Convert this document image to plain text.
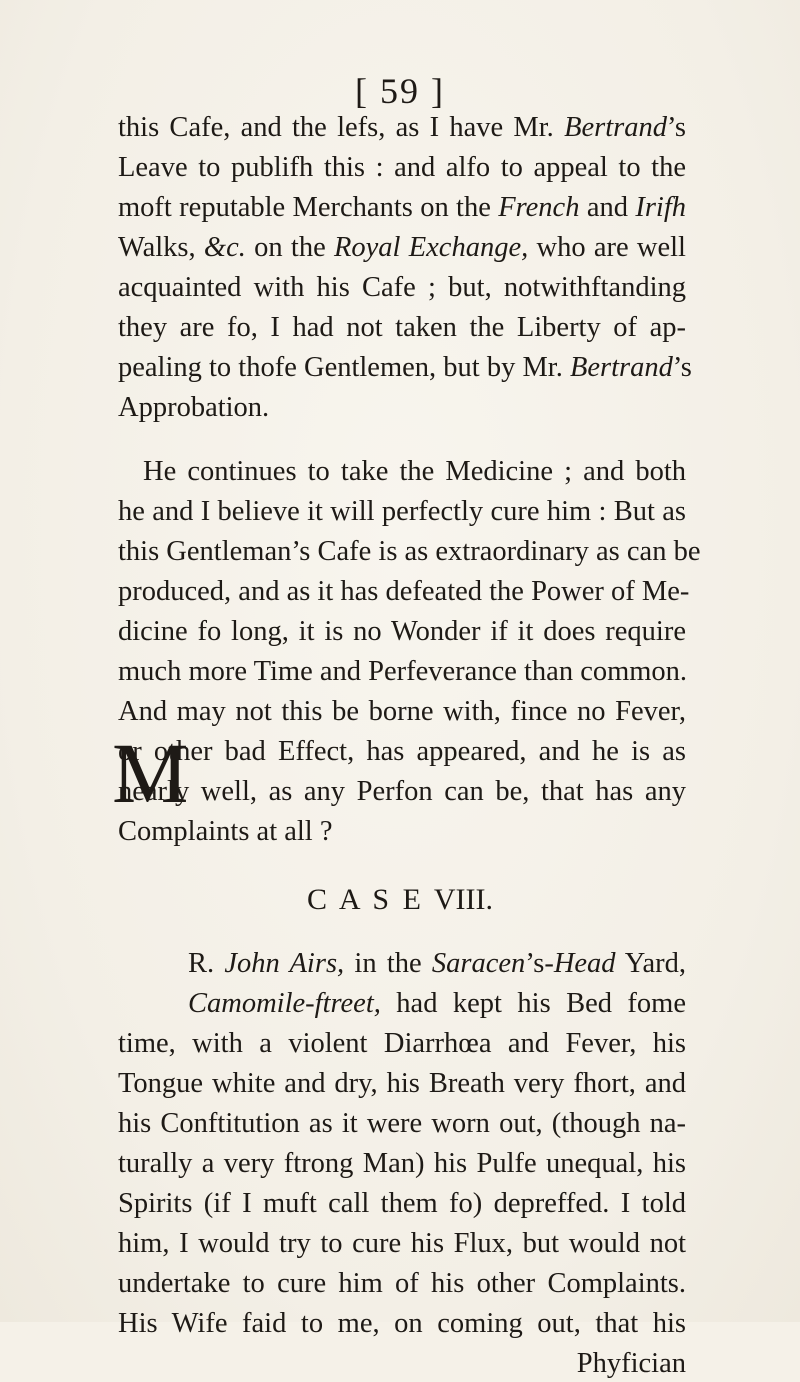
[ 59 ]
M
this Cafe, and the lefs, as I have Mr. Bertrand’s
Leave to publifh this : and alfo to appeal to the
moft reputable Merchants on the French and Irifh
Walks, &c. on the Royal Exchange, who are well
acquainted with his Cafe ; but, notwithftanding
they are fo, I had not taken the Liberty of ap-
pealing to thofe Gentlemen, but by Mr. Bertrand’s
Approbation.
He continues to take the Medicine ; and both
he and I believe it will perfectly cure him : But as
this Gentleman’s Cafe is as extraordinary as can be
produced, and as it has defeated the Power of Me-
dicine fo long, it is no Wonder if it does require
much more Time and Perfeverance than common.
And may not this be borne with, fince no Fever,
or other bad Effect, has appeared, and he is as
nearly well, as any Perfon can be, that has any
Complaints at all ?
C A S E VIII.
R. John Airs, in the Saracen’s-Head Yard,
Camomile-ftreet, had kept his Bed fome
time, with a violent Diarrhœa and Fever, his
Tongue white and dry, his Breath very fhort, and
his Conftitution as it were worn out, (though na-
turally a very ftrong Man) his Pulfe unequal, his
Spirits (if I muft call them fo) depreffed. I told
him, I would try to cure his Flux, but would not
undertake to cure him of his other Complaints.
His Wife faid to me, on coming out, that his
Phyfician
